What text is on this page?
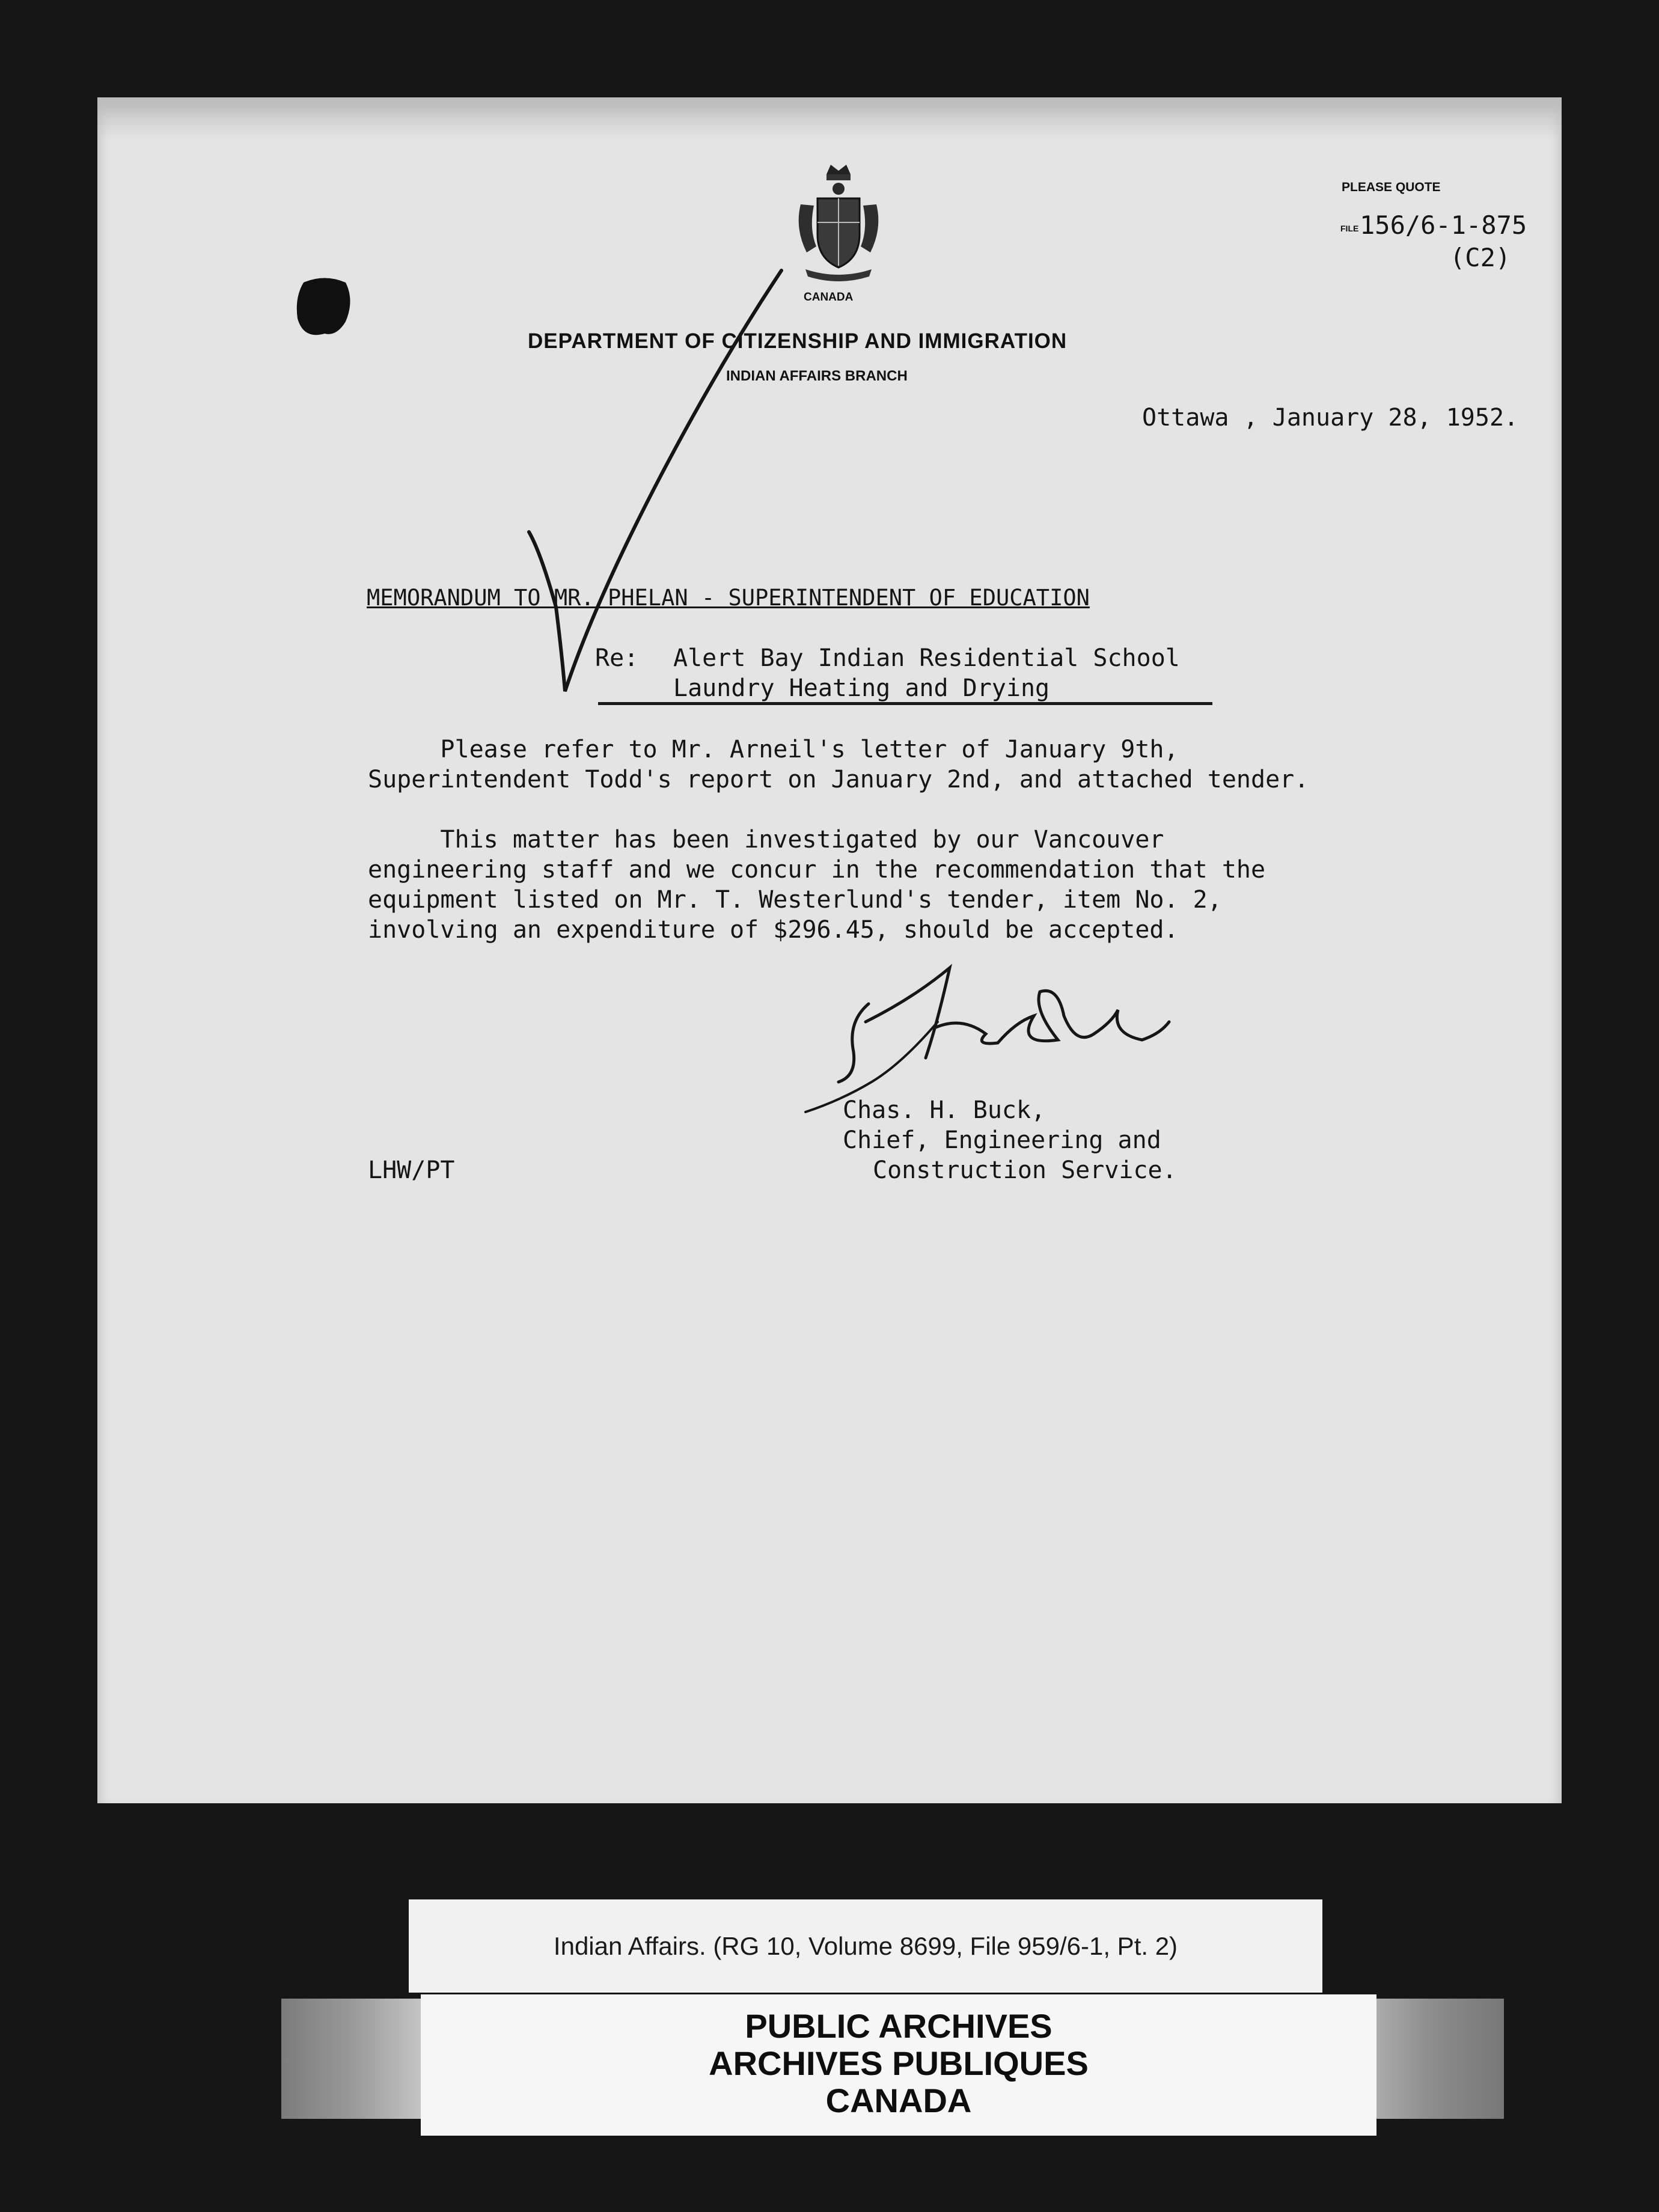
CANADA
PLEASE QUOTE
FILE 156/6-1-875
(C2)
DEPARTMENT OF CITIZENSHIP AND IMMIGRATION
INDIAN AFFAIRS BRANCH
Ottawa , January 28, 1952.
MEMORANDUM TO MR. PHELAN - SUPERINTENDENT OF EDUCATION
Re: Alert Bay Indian Residential School
Laundry Heating and Drying
Please refer to Mr. Arneil's letter of January 9th,
Superintendent Todd's report on January 2nd, and attached tender.
This matter has been investigated by our Vancouver
engineering staff and we concur in the recommendation that the
equipment listed on Mr. T. Westerlund's tender, item No. 2,
involving an expenditure of $296.45, should be accepted.
Chas. H. Buck,
Chief, Engineering and
Construction Service.
LHW/PT
Indian Affairs. (RG 10, Volume 8699, File 959/6-1, Pt. 2)
PUBLIC ARCHIVES
ARCHIVES PUBLIQUES
CANADA
